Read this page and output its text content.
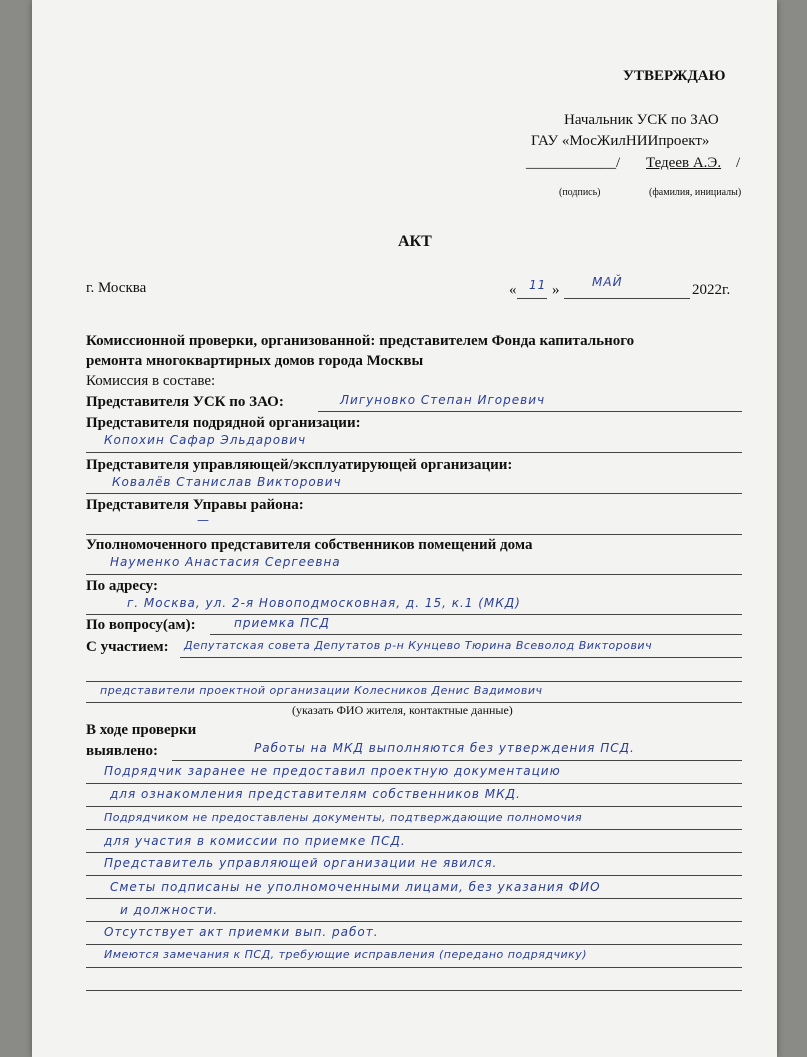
УТВЕРЖДАЮ
Начальник УСК по ЗАО
ГАУ «МосЖилНИИпроект»
____________/ Тедеев А.Э. /
(подпись)	(фамилия, инициалы)
АКТ
г. Москва	« 11 »	МАЙ	2022г.
Комиссионной проверки, организованной: представителем Фонда капитального
ремонта многоквартирных домов города Москвы
Комиссия в составе:
Представителя УСК по ЗАО:	Лигуновко Степан Игоревич
Представителя подрядной организации:
Копохин Сафар Эльдарович
Представителя управляющей/эксплуатирующей организации:
Ковалёв Станислав Викторович
Представителя Управы района:
—
Уполномоченного представителя собственников помещений дома
Науменко Анастасия Сергеевна
По адресу:
г. Москва, ул. 2-я Новоподмосковная, д. 15, к.1 (МКД)
По вопросу(ам):	приемка ПСД
С участием: Депутатская совета Депутатов р-н Кунцево Тюрина Всеволод Викторович
представители проектной организации Колесников Денис Вадимович
(указать ФИО жителя, контактные данные)
В ходе проверки
выявлено:	Работы на МКД выполняются без утверждения ПСД.
Подрядчик заранее не предоставил проектную документацию
для ознакомления представителям собственников МКД.
Подрядчиком не предоставлены документы, подтверждающие полномочия
для участия в комиссии по приемке ПСД.
Представитель управляющей организации не явился.
Сметы подписаны не уполномоченными лицами, без указания ФИО
и должности.
Отсутствует акт приемки вып. работ.
Имеются замечания к ПСД, требующие исправления (передано подрядчику)
